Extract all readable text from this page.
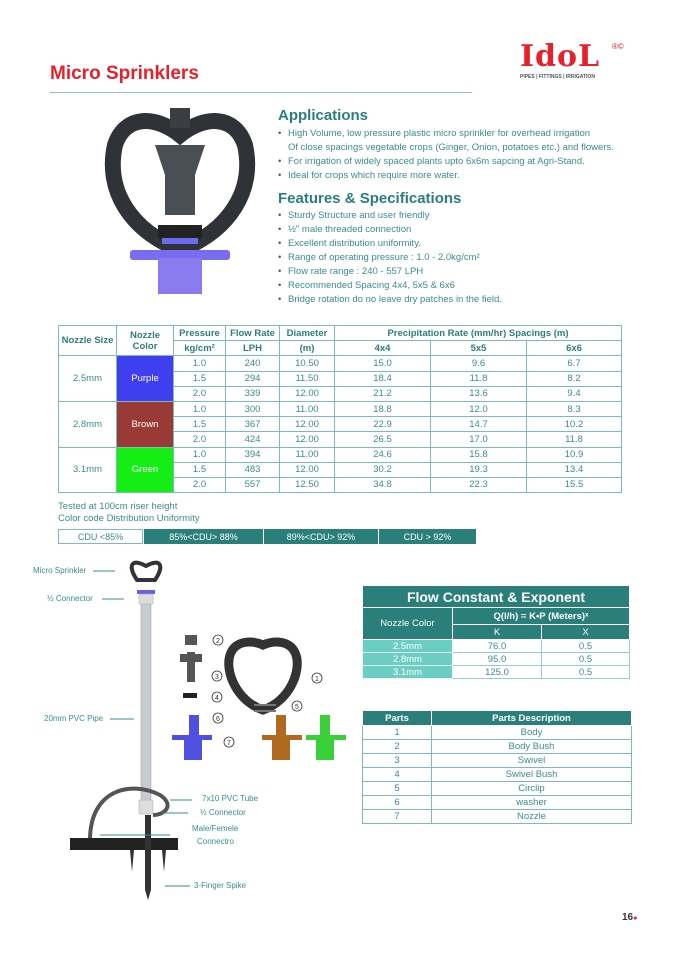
Micro Sprinklers	IdoL ®©
PIPES | FITTINGS | IRRIGATION
Applications
• High Volume, low pressure plastic micro sprinkler for overhead irrigation
Of close spacings vegetable crops (Ginger, Onion, potatoes etc.) and flowers.
• For irrigation of widely spaced plants upto 6x6m sapcing at Agri-Stand.
• Ideal for crops which require more water.
Features & Specifications
• Sturdy Structure and user friendly
• ½" male threaded connection
• Excellent distribution uniformity.
• Range of operating pressure : 1.0 - 2.0kg/cm²
• Flow rate range : 240 - 557 LPH
• Recommended Spacing 4x4, 5x5 & 6x6
• Bridge rotation do no leave dry patches in the field.
Nozzle Size	Nozzle Color	Pressure	Flow Rate	Diameter	Precipitation Rate (mm/hr) Spacings (m)		
		kg/cm²	LPH	(m)	4x4	5x5	6x6
2.5mm	Purple	1.0	240	10.50	15.0	9.6	6.7
		1.5	294	11.50	18.4	11.8	8.2
		2.0	339	12.00	21.2	13.6	9.4
2.8mm	Brown	1.0	300	11.00	18.8	12.0	8.3
		1.5	367	12.00	22.9	14.7	10.2
		2.0	424	12.00	26.5	17.0	11.8
3.1mm	Green	1.0	394	11.00	24.6	15.8	10.9
		1.5	483	12.00	30.2	19.3	13.4
		2.0	557	12.50	34.8	22.3	15.5
Tested at 100cm riser height
Color code Distribution Uniformity
CDU <85%	85%<CDU> 88%	89%<CDU> 92%	CDU > 92%
1
2
3
4
5
6
7
Micro Sprinkler
½ Connector
20mm PVC Pipe
7x10 PVC Tube
½ Connector
Male/Femele
Connectro
3-Finger Spike
Flow Constant & Exponent		
Nozzle Color	Q(l/h) = K•P (Meters)ˣ	
	K	X
2.5mm	76.0	0.5
2.8mm	95.0	0.5
3.1mm	125.0	0.5
Parts	Parts Description
1	Body
2	Body Bush
3	Swivel
4	Swivel Bush
5	Circlip
6	washer
7	Nozzle
16●
